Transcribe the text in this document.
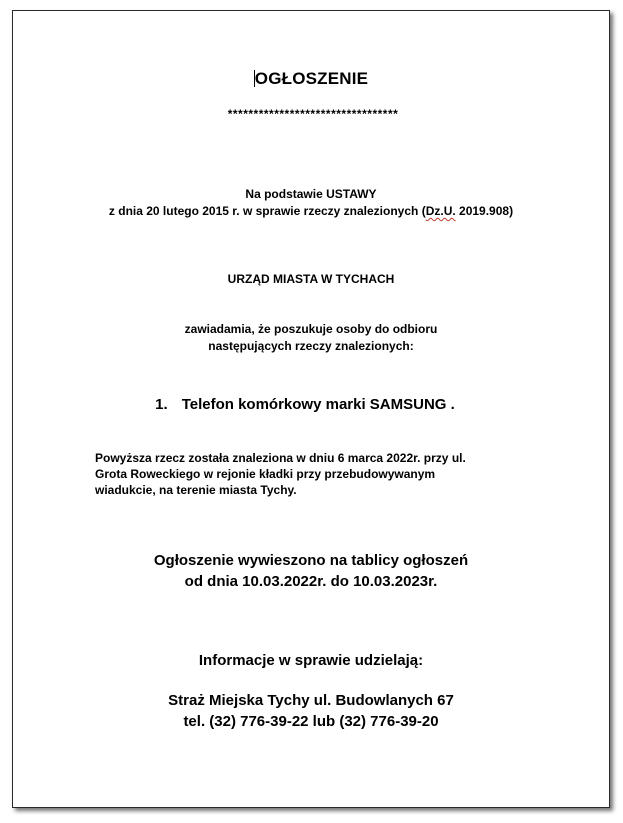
OGŁOSZENIE
*********************************
Na podstawie USTAWY
z dnia 20 lutego 2015 r. w sprawie rzeczy znalezionych (Dz.U. 2019.908)
URZĄD MIASTA W TYCHACH
zawiadamia, że poszukuje osoby do odbioru
następujących rzeczy znalezionych:
1. Telefon komórkowy marki SAMSUNG .
Powyższa rzecz została znaleziona w dniu 6 marca 2022r. przy ul.
Grota Roweckiego w rejonie kładki przy przebudowywanym
wiadukcie, na terenie miasta Tychy.
Ogłoszenie wywieszono na tablicy ogłoszeń
od dnia 10.03.2022r. do 10.03.2023r.
Informacje w sprawie udzielają:
Straż Miejska Tychy ul. Budowlanych 67
tel. (32) 776-39-22 lub (32) 776-39-20
